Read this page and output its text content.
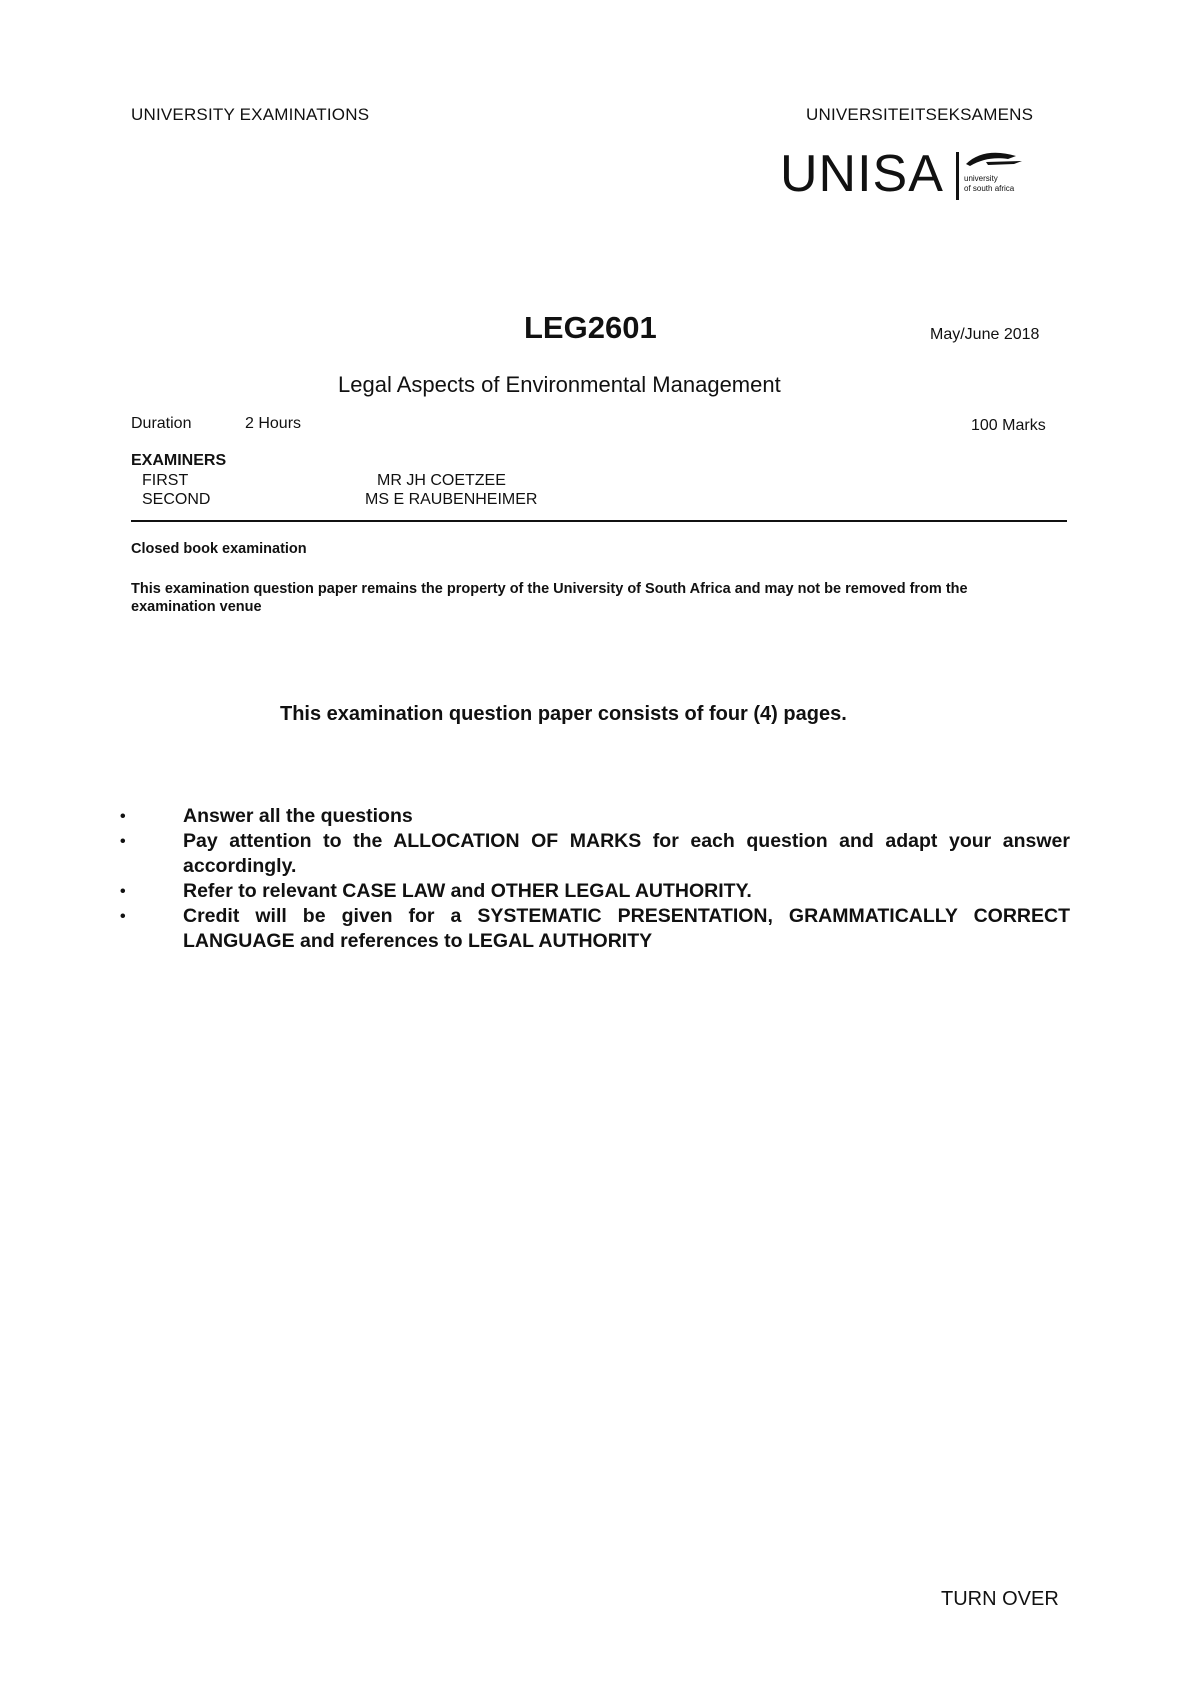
UNIVERSITY EXAMINATIONS	UNIVERSITEITSEKSAMENS
UNISA	university
of south africa
LEG2601	May/June 2018
Legal Aspects of Environmental Management
Duration	2 Hours	100 Marks
EXAMINERS
FIRST	MR JH COETZEE
SECOND	MS E RAUBENHEIMER
Closed book examination
This examination question paper remains the property of the University of South Africa and may not be removed from the examination venue
This examination question paper consists of four (4) pages.
• Answer all the questions
• Pay attention to the ALLOCATION OF MARKS for each question and adapt your answer accordingly.
• Refer to relevant CASE LAW and OTHER LEGAL AUTHORITY.
• Credit will be given for a SYSTEMATIC PRESENTATION, GRAMMATICALLY CORRECT LANGUAGE and references to LEGAL AUTHORITY
TURN OVER
